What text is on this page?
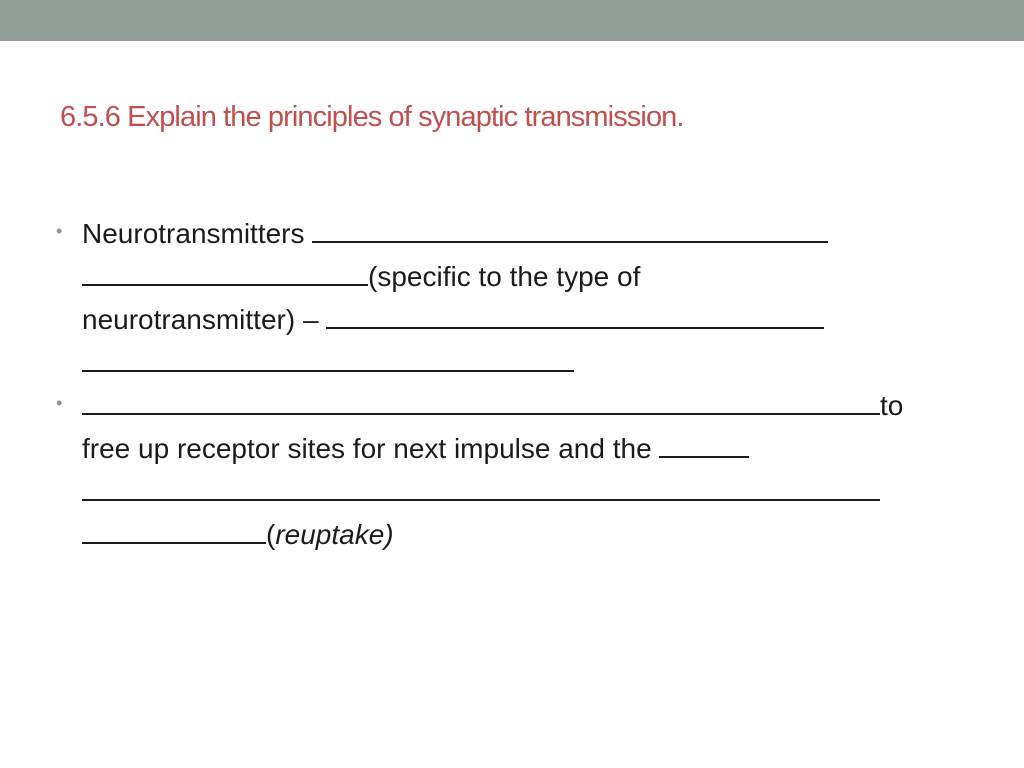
6.5.6 Explain the principles of synaptic transmission.
• Neurotransmitters
(specific to the type of
neurotransmitter) –
•	to
free up receptor sites for next impulse and the
(reuptake)
